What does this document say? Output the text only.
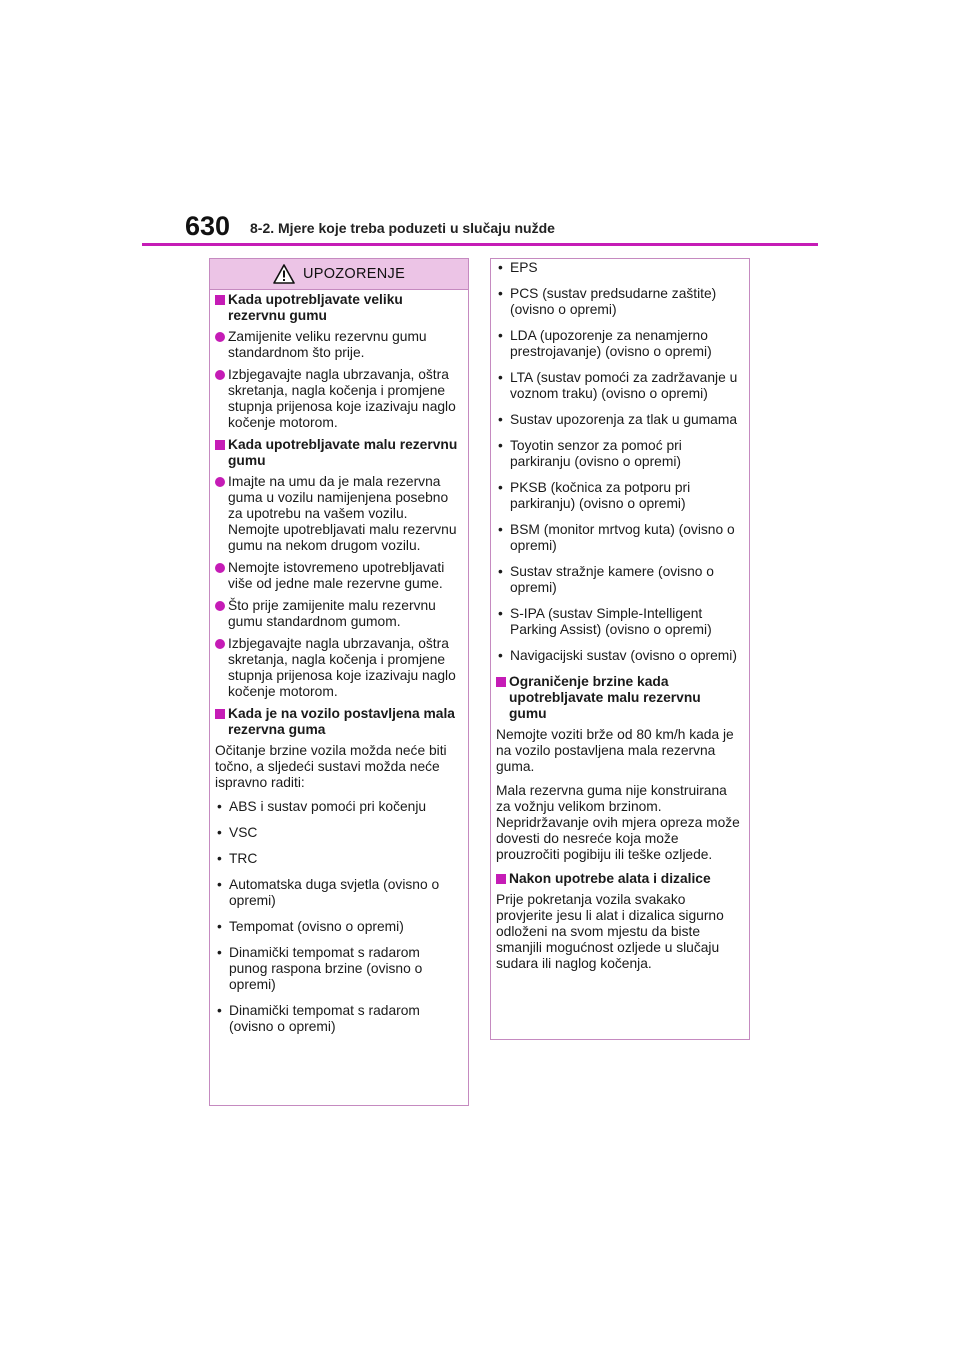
630 8-2. Mjere koje treba poduzeti u slučaju nužde
UPOZORENJE
Kada upotrebljavate veliku rezervnu gumu
Zamijenite veliku rezervnu gumu standardnom što prije.
Izbjegavajte nagla ubrzavanja, oštra skretanja, nagla kočenja i promjene stupnja prijenosa koje izazivaju naglo kočenje motorom.
Kada upotrebljavate malu rezervnu gumu
Imajte na umu da je mala rezervna guma u vozilu namijenjena posebno za upotrebu na vašem vozilu. Nemojte upotrebljavati malu rezervnu gumu na nekom drugom vozilu.
Nemojte istovremeno upotrebljavati više od jedne male rezervne gume.
Što prije zamijenite malu rezervnu gumu standardnom gumom.
Izbjegavajte nagla ubrzavanja, oštra skretanja, nagla kočenja i promjene stupnja prijenosa koje izazivaju naglo kočenje motorom.
Kada je na vozilo postavljena mala rezervna guma
Očitanje brzine vozila možda neće biti točno, a sljedeći sustavi možda neće ispravno raditi:
• ABS i sustav pomoći pri kočenju
• VSC
• TRC
• Automatska duga svjetla (ovisno o opremi)
• Tempomat (ovisno o opremi)
• Dinamički tempomat s radarom punog raspona brzine (ovisno o opremi)
• Dinamički tempomat s radarom (ovisno o opremi)
• EPS
• PCS (sustav predsudarne zaštite) (ovisno o opremi)
• LDA (upozorenje za nenamjerno prestrojavanje) (ovisno o opremi)
• LTA (sustav pomoći za zadržavanje u voznom traku) (ovisno o opremi)
• Sustav upozorenja za tlak u gumama
• Toyotin senzor za pomoć pri parkiranju (ovisno o opremi)
• PKSB (kočnica za potporu pri parkiranju) (ovisno o opremi)
• BSM (monitor mrtvog kuta) (ovisno o opremi)
• Sustav stražnje kamere (ovisno o opremi)
• S-IPA (sustav Simple-Intelligent Parking Assist) (ovisno o opremi)
• Navigacijski sustav (ovisno o opremi)
Ograničenje brzine kada upotrebljavate malu rezervnu gumu
Nemojte voziti brže od 80 km/h kada je na vozilo postavljena mala rezervna guma.
Mala rezervna guma nije konstruirana za vožnju velikom brzinom. Nepridržavanje ovih mjera opreza može dovesti do nesreće koja može prouzročiti pogibiju ili teške ozljede.
Nakon upotrebe alata i dizalice
Prije pokretanja vozila svakako provjerite jesu li alat i dizalica sigurno odloženi na svom mjestu da biste smanjili mogućnost ozljede u slučaju sudara ili naglog kočenja.
